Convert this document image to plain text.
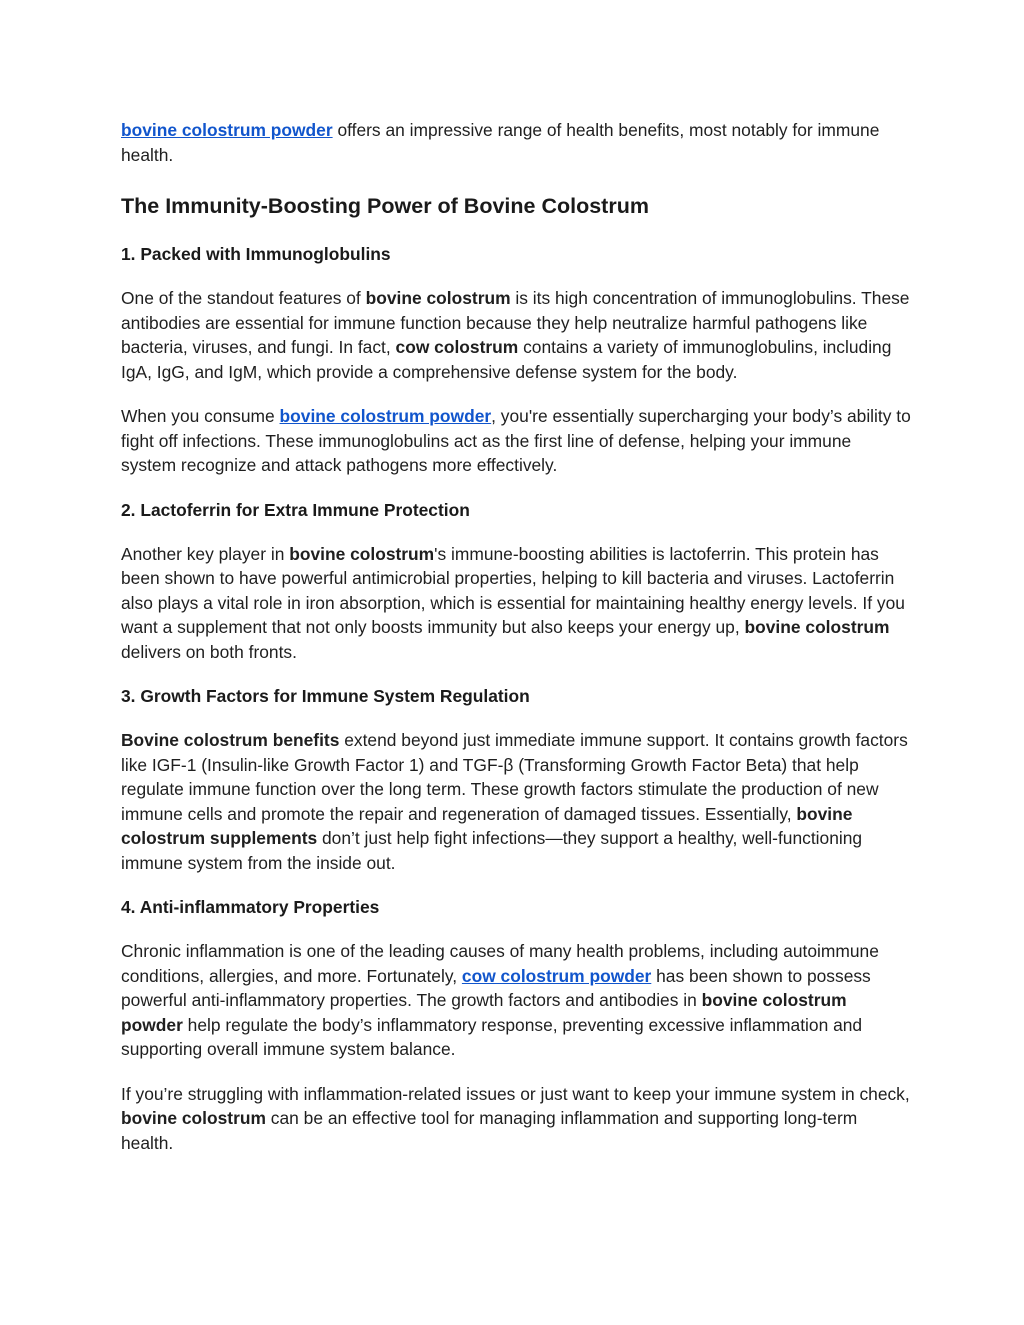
bovine colostrum powder offers an impressive range of health benefits, most notably for immune health.

The Immunity-Boosting Power of Bovine Colostrum
1. Packed with Immunoglobulins

One of the standout features of bovine colostrum is its high concentration of immunoglobulins. These antibodies are essential for immune function because they help neutralize harmful pathogens like bacteria, viruses, and fungi. In fact, cow colostrum contains a variety of immunoglobulins, including IgA, IgG, and IgM, which provide a comprehensive defense system for the body.

When you consume bovine colostrum powder, you're essentially supercharging your body’s ability to fight off infections. These immunoglobulins act as the first line of defense, helping your immune system recognize and attack pathogens more effectively.

2. Lactoferrin for Extra Immune Protection

Another key player in bovine colostrum's immune-boosting abilities is lactoferrin. This protein has been shown to have powerful antimicrobial properties, helping to kill bacteria and viruses. Lactoferrin also plays a vital role in iron absorption, which is essential for maintaining healthy energy levels. If you want a supplement that not only boosts immunity but also keeps your energy up, bovine colostrum delivers on both fronts.

3. Growth Factors for Immune System Regulation

Bovine colostrum benefits extend beyond just immediate immune support. It contains growth factors like IGF-1 (Insulin-like Growth Factor 1) and TGF-β (Transforming Growth Factor Beta) that help regulate immune function over the long term. These growth factors stimulate the production of new immune cells and promote the repair and regeneration of damaged tissues. Essentially, bovine colostrum supplements don’t just help fight infections—they support a healthy, well-functioning immune system from the inside out.

4. Anti-inflammatory Properties

Chronic inflammation is one of the leading causes of many health problems, including autoimmune conditions, allergies, and more. Fortunately, cow colostrum powder has been shown to possess powerful anti-inflammatory properties. The growth factors and antibodies in bovine colostrum powder help regulate the body’s inflammatory response, preventing excessive inflammation and supporting overall immune system balance.

If you’re struggling with inflammation-related issues or just want to keep your immune system in check, bovine colostrum can be an effective tool for managing inflammation and supporting long-term health.
